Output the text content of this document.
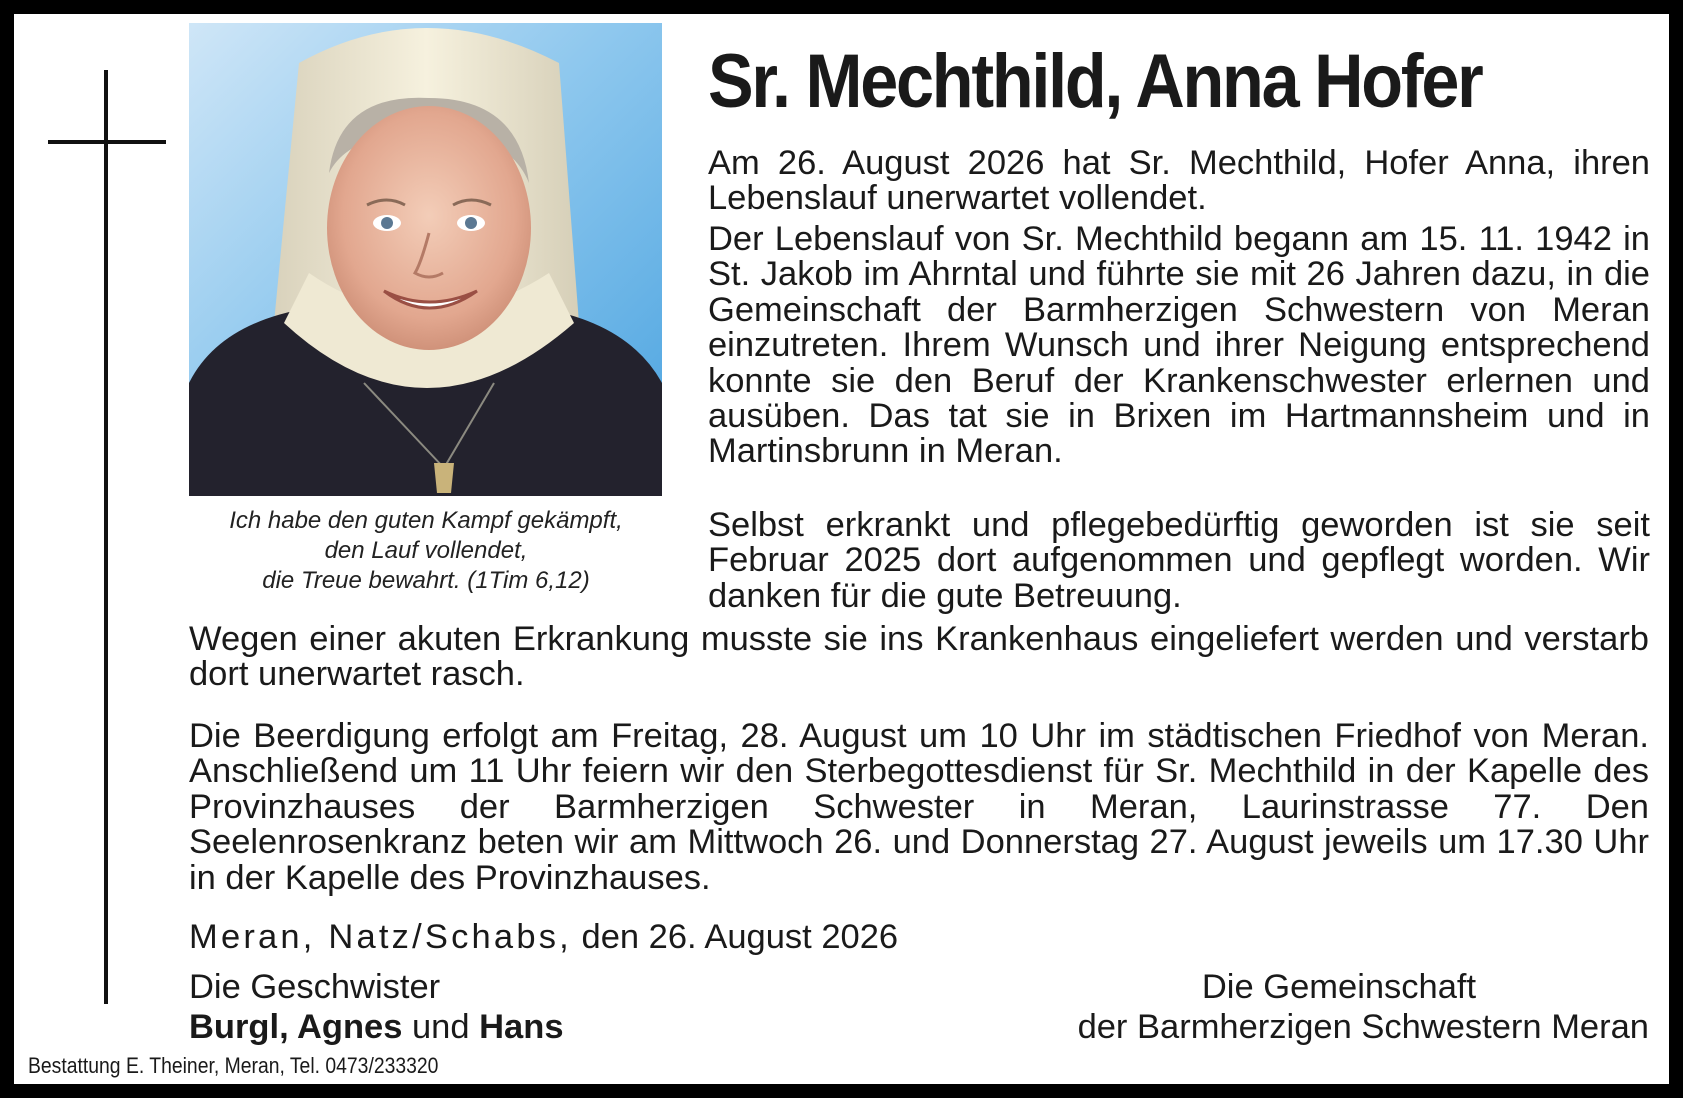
Ich habe den guten Kampf gekämpft,
den Lauf vollendet,
die Treue bewahrt. (1Tim 6,12)
Sr. Mechthild, Anna Hofer
Am 26. August 2026 hat Sr. Mechthild, Hofer Anna, ihren Lebenslauf unerwartet vollendet.
Der Lebenslauf von Sr. Mechthild begann am 15. 11. 1942 in St. Jakob im Ahrntal und führte sie mit 26 Jahren dazu, in die Gemeinschaft der Barmherzigen Schwestern von Meran einzutreten. Ihrem Wunsch und ihrer Neigung entsprechend konnte sie den Beruf der Krankenschwester erlernen und ausüben. Das tat sie in Brixen im Hartmannsheim und in Martinsbrunn in Meran.
Selbst erkrankt und pflegebedürftig geworden ist sie seit Februar 2025 dort aufgenommen und gepflegt worden. Wir danken für die gute Betreuung.
Wegen einer akuten Erkrankung musste sie ins Krankenhaus eingeliefert werden und verstarb dort unerwartet rasch.
Die Beerdigung erfolgt am Freitag, 28. August um 10 Uhr im städtischen Friedhof von Meran. Anschließend um 11 Uhr feiern wir den Sterbegottesdienst für Sr. Mechthild in der Kapelle des Provinzhauses der Barmherzigen Schwester in Meran, Laurinstrasse 77. Den Seelenrosenkranz beten wir am Mittwoch 26. und Donnerstag 27. August jeweils um 17.30 Uhr in der Kapelle des Provinzhauses.
Meran, Natz/Schabs, den 26. August 2026
Die Geschwister
Burgl, Agnes und Hans
Die Gemeinschaft
der Barmherzigen Schwestern Meran
Bestattung E. Theiner, Meran, Tel. 0473/233320
